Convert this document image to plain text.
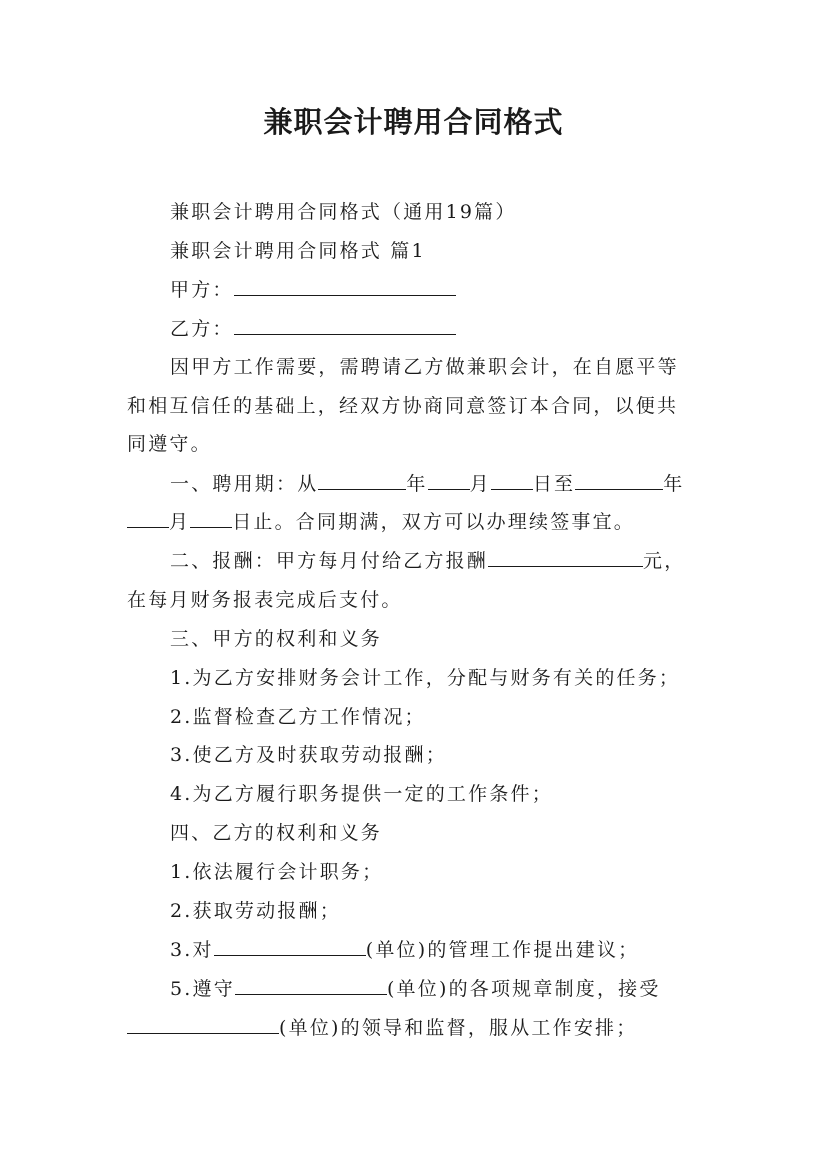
兼职会计聘用合同格式
兼职会计聘用合同格式（通用19篇）
兼职会计聘用合同格式 篇1
甲方：
乙方：
因甲方工作需要，需聘请乙方做兼职会计，在自愿平等
和相互信任的基础上，经双方协商同意签订本合同，以便共
同遵守。
一、聘用期：从	年 月 日至	年
月 日止。合同期满，双方可以办理续签事宜。
二、报酬：甲方每月付给乙方报酬	元，
在每月财务报表完成后支付。
三、甲方的权利和义务
1.为乙方安排财务会计工作，分配与财务有关的任务；
2.监督检查乙方工作情况；
3.使乙方及时获取劳动报酬；
4.为乙方履行职务提供一定的工作条件；
四、乙方的权利和义务
1.依法履行会计职务；
2.获取劳动报酬；
3.对	(单位)的管理工作提出建议；
5.遵守	(单位)的各项规章制度，接受
(单位)的领导和监督，服从工作安排；
